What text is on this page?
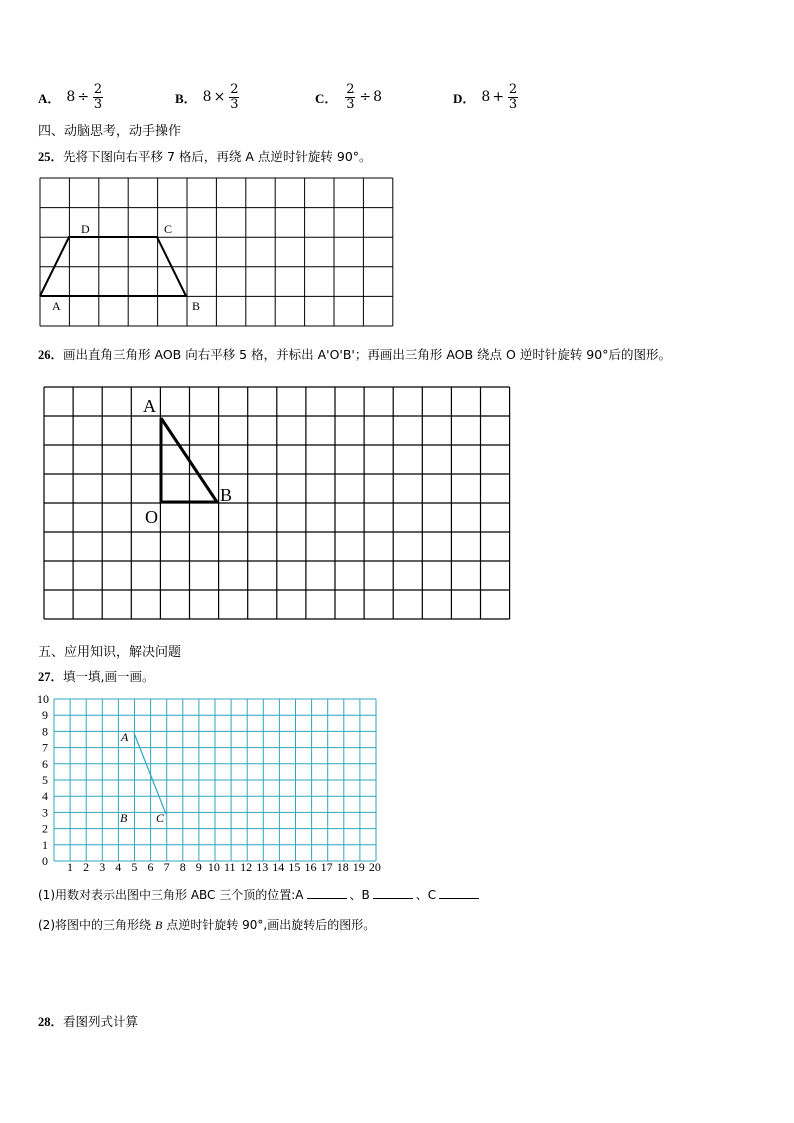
A． $8 \div \frac{2}{3}$	B． $8 \times \frac{2}{3}$	C． $\frac{2}{3} \div 8$	D． $8 + \frac{2}{3}$
四、动脑思考，动手操作
25．先将下图向右平移 7 格后，再绕 A 点逆时针旋转 90°。
A	B
C
D
26．画出直角三角形 AOB 向右平移 5 格，并标出 A'O'B'；再画出三角形 AOB 绕点 O 逆时针旋转 90°后的图形。
A
O
B
五、应用知识，解决问题
27．填一填,画一画。
0
1
2
3
4
5
6
7
8
9
10
1 2 3 4 5 6 7 8 9 10 11 12 13 14 15 16 17 18 19 20
A
B C
(1)用数对表示出图中三角形 ABC 三个顶的位置:A	、B	、C
(2)将图中的三角形绕 B 点逆时针旋转 90°,画出旋转后的图形。
28．看图列式计算
